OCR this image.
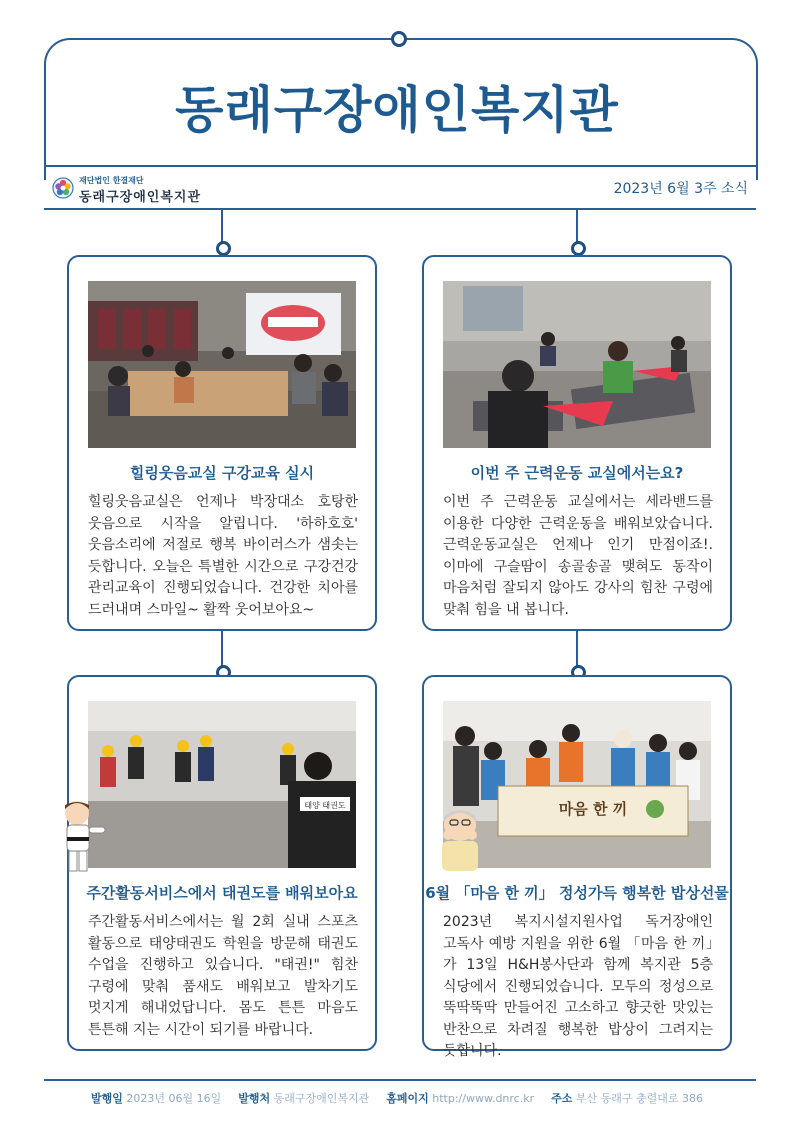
동래구장애인복지관
재단법인 한결재단
동래구장애인복지관
2023년 6월 3주 소식
힐링웃음교실 구강교육 실시
힐링웃음교실은 언제나 박장대소 호탕한 웃음으로 시작을 알립니다. '하하호호' 웃음소리에 저절로 행복 바이러스가 샘솟는 듯합니다. 오늘은 특별한 시간으로 구강건강 관리교육이 진행되었습니다. 건강한 치아를 드러내며 스마일~ 활짝 웃어보아요~
이번 주 근력운동 교실에서는요?
이번 주 근력운동 교실에서는 세라밴드를 이용한 다양한 근력운동을 배워보았습니다. 근력운동교실은 언제나 인기 만점이죠!. 이마에 구슬땀이 송골송골 맺혀도 동작이 마음처럼 잘되지 않아도 강사의 힘찬 구령에 맞춰 힘을 내 봅니다.
태양 태권도
주간활동서비스에서 태권도를 배워보아요
주간활동서비스에서는 월 2회 실내 스포츠 활동으로 태양태권도 학원을 방문해 태권도 수업을 진행하고 있습니다. "태권!" 힘찬 구령에 맞춰 품새도 배워보고 발차기도 멋지게 해내었답니다. 몸도 튼튼 마음도 튼튼해 지는 시간이 되기를 바랍니다.
마음 한 끼
6월 「마음 한 끼」 정성가득 행복한 밥상선물
2023년 복지시설지원사업 독거장애인 고독사 예방 지원을 위한 6월 「마음 한 끼」가 13일 H&H봉사단과 함께 복지관 5층 식당에서 진행되었습니다. 모두의 정성으로 뚝딱뚝딱 만들어진 고소하고 향긋한 맛있는 반찬으로 차려질 행복한 밥상이 그려지는 듯합니다.
발행일 2023년 06월 16일 발행처 동래구장애인복지관 홈페이지 http://www.dnrc.kr 주소 부산 동래구 충렬대로 386
